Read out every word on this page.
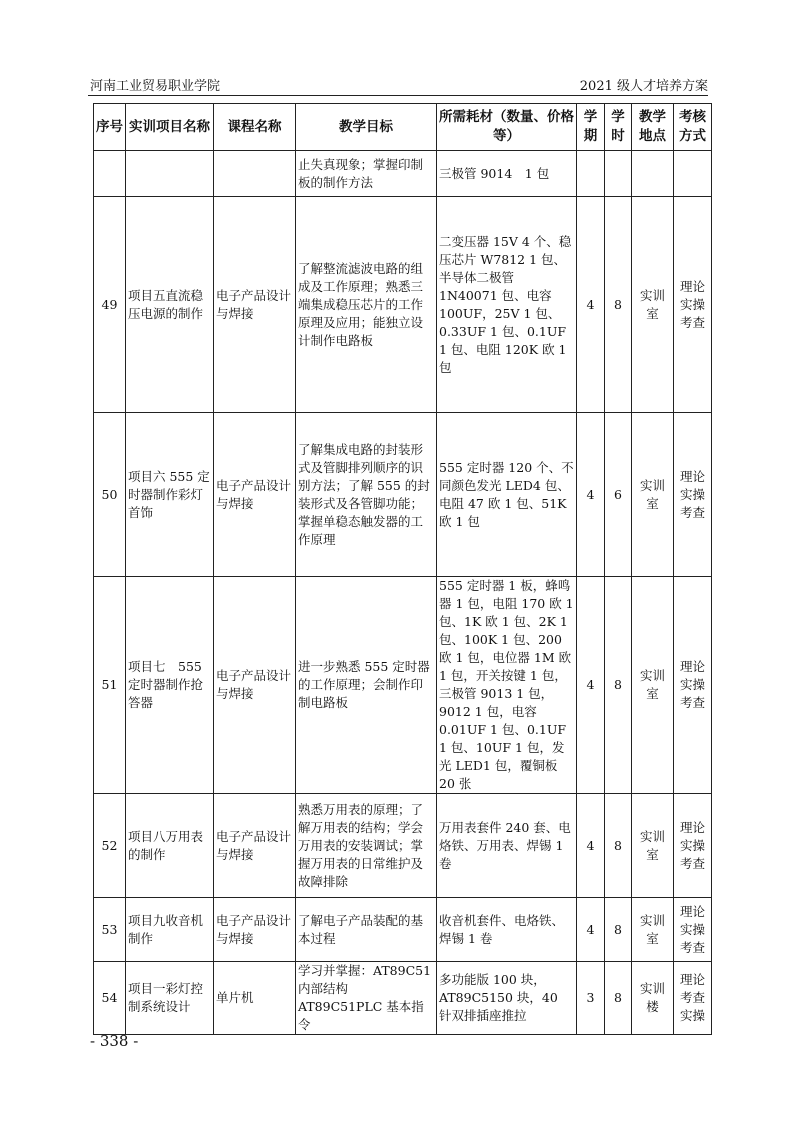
河南工业贸易职业学院	2021 级人才培养方案
序号	实训项目名称	课程名称	教学目标	所需耗材（数量、价格等）	学期	学时	教学地点	考核方式
			止失真现象；掌握印制板的制作方法	三极管 9014　1 包				
49	项目五直流稳压电源的制作	电子产品设计与焊接	了解整流滤波电路的组成及工作原理；熟悉三端集成稳压芯片的工作原理及应用；能独立设计制作电路板	二变压器 15V 4 个、稳压芯片 W7812 1 包、半导体二极管 1N40071 包、电容 100UF，25V 1 包、0.33UF 1 包、0.1UF 1 包、电阻 120K 欧 1 包	4	8	实训室	理论实操考查
50	项目六 555 定时器制作彩灯首饰	电子产品设计与焊接	了解集成电路的封装形式及管脚排列顺序的识别方法；了解 555 的封装形式及各管脚功能；掌握单稳态触发器的工作原理	555 定时器 120 个、不同颜色发光 LED4 包、电阻 47 欧 1 包、51K 欧 1 包	4	6	实训室	理论实操考查
51	项目七　555 定时器制作抢答器	电子产品设计与焊接	进一步熟悉 555 定时器的工作原理；会制作印制电路板	555 定时器 1 板，蜂鸣器 1 包，电阻 170 欧 1 包、1K 欧 1 包、2K 1 包、100K 1 包、200 欧 1 包，电位器 1M 欧 1 包，开关按键 1 包，三极管 9013 1 包，9012 1 包，电容 0.01UF 1 包、0.1UF 1 包、10UF 1 包，发光 LED1 包，覆铜板 20 张	4	8	实训室	理论实操考查
52	项目八万用表的制作	电子产品设计与焊接	熟悉万用表的原理；了解万用表的结构；学会万用表的安装调试；掌握万用表的日常维护及故障排除	万用表套件 240 套、电烙铁、万用表、焊锡 1 卷	4	8	实训室	理论实操考查
53	项目九收音机制作	电子产品设计与焊接	了解电子产品装配的基本过程	收音机套件、电烙铁、焊锡 1 卷	4	8	实训室	理论实操考查
54	项目一彩灯控制系统设计	单片机	学习并掌握：AT89C51 内部结构 AT89C51PLC 基本指令	多功能版 100 块，AT89C5150 块，40 针双排插座推拉	3	8	实训楼	理论考查实操
- 338 -
